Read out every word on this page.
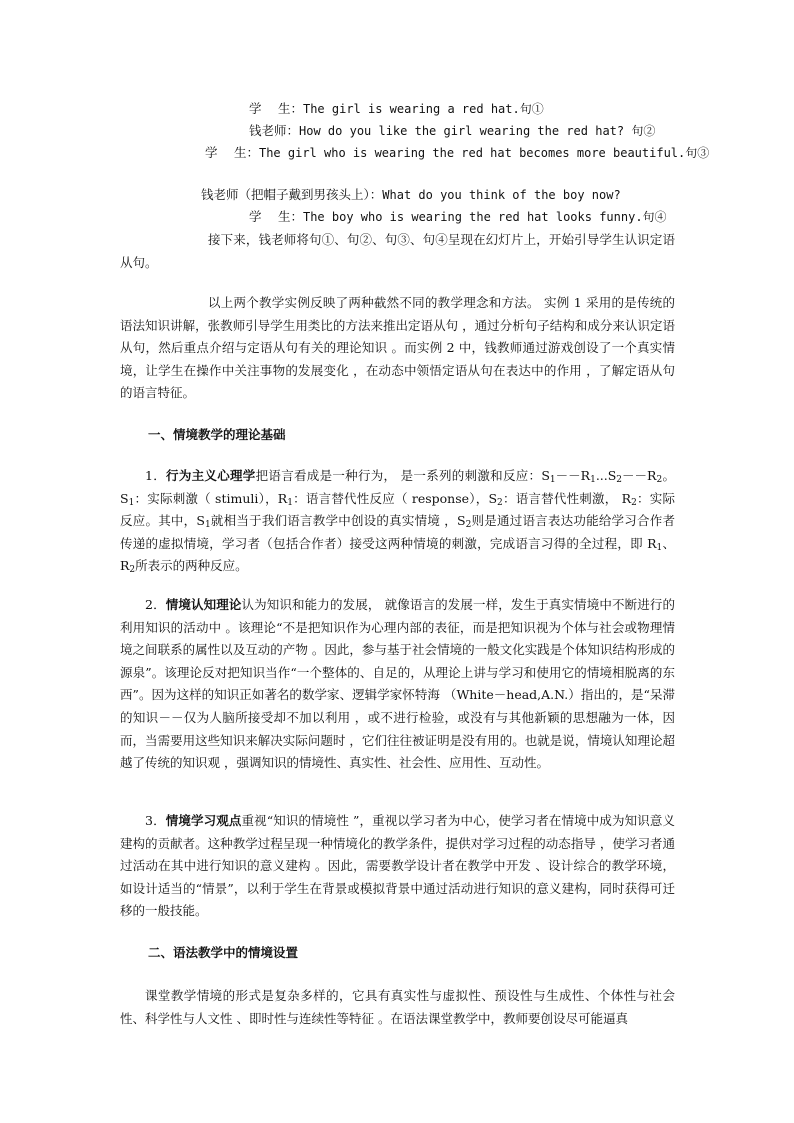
学　 生：The girl is wearing a red hat.句①
钱老师：How do you like the girl wearing the red hat? 句②
学　 生：The girl who is wearing the red hat becomes more beautiful.句③
钱老师（把帽子戴到男孩头上）：What do you think of the boy now?
学　 生：The boy who is wearing the red hat looks funny.句④

接下来，钱老师将句①、句②、句③、句④呈现在幻灯片上，开始引导学生认识定语从句。

以上两个教学实例反映了两种截然不同的教学理念和方法。 实例 1 采用的是传统的语法知识讲解，张教师引导学生用类比的方法来推出定语从句 ，通过分析句子结构和成分来认识定语从句，然后重点介绍与定语从句有关的理论知识 。而实例 2 中，钱教师通过游戏创设了一个真实情境，让学生在操作中关注事物的发展变化 ，在动态中领悟定语从句在表达中的作用 ，了解定语从句的语言特征。

一、情境教学的理论基础

1．行为主义心理学把语言看成是一种行为， 是一系列的刺激和反应：$S_1--R_1...S_2--R_2$。$S_1$：实际刺激（ stimuli），$R_1$：语言替代性反应（ response），$S_2$：语言替代性刺激， $R_2$：实际反应。其中，$S_1$就相当于我们语言教学中创设的真实情境 ，$S_2$则是通过语言表达功能给学习合作者传递的虚拟情境，学习者（包括合作者）接受这两种情境的刺激，完成语言习得的全过程，即 $R_1$、$R_2$所表示的两种反应。

2．情境认知理论认为知识和能力的发展， 就像语言的发展一样，发生于真实情境中不断进行的利用知识的活动中 。该理论“不是把知识作为心理内部的表征，而是把知识视为个体与社会或物理情境之间联系的属性以及互动的产物 。因此，参与基于社会情境的一般文化实践是个体知识结构形成的源泉”。该理论反对把知识当作“一个整体的、自足的，从理论上讲与学习和使用它的情境相脱离的东西”。因为这样的知识正如著名的数学家、逻辑学家怀特海 （White－head,A.N.）指出的，是“呆滞的知识－－仅为人脑所接受却不加以利用 ，或不进行检验，或没有与其他新颖的思想融为一体，因而，当需要用这些知识来解决实际问题时 ，它们往往被证明是没有用的。也就是说，情境认知理论超越了传统的知识观 ，强调知识的情境性、真实性、社会性、应用性、互动性。

3．情境学习观点重视“知识的情境性 ”，重视以学习者为中心，使学习者在情境中成为知识意义建构的贡献者。这种教学过程呈现一种情境化的教学条件，提供对学习过程的动态指导 ，使学习者通过活动在其中进行知识的意义建构 。因此，需要教学设计者在教学中开发 、设计综合的教学环境，如设计适当的“情景”，以利于学生在背景或模拟背景中通过活动进行知识的意义建构，同时获得可迁移的一般技能。

二、语法教学中的情境设置

课堂教学情境的形式是复杂多样的，它具有真实性与虚拟性、预设性与生成性、个体性与社会性、科学性与人文性 、即时性与连续性等特征 。在语法课堂教学中，教师要创设尽可能逼真
